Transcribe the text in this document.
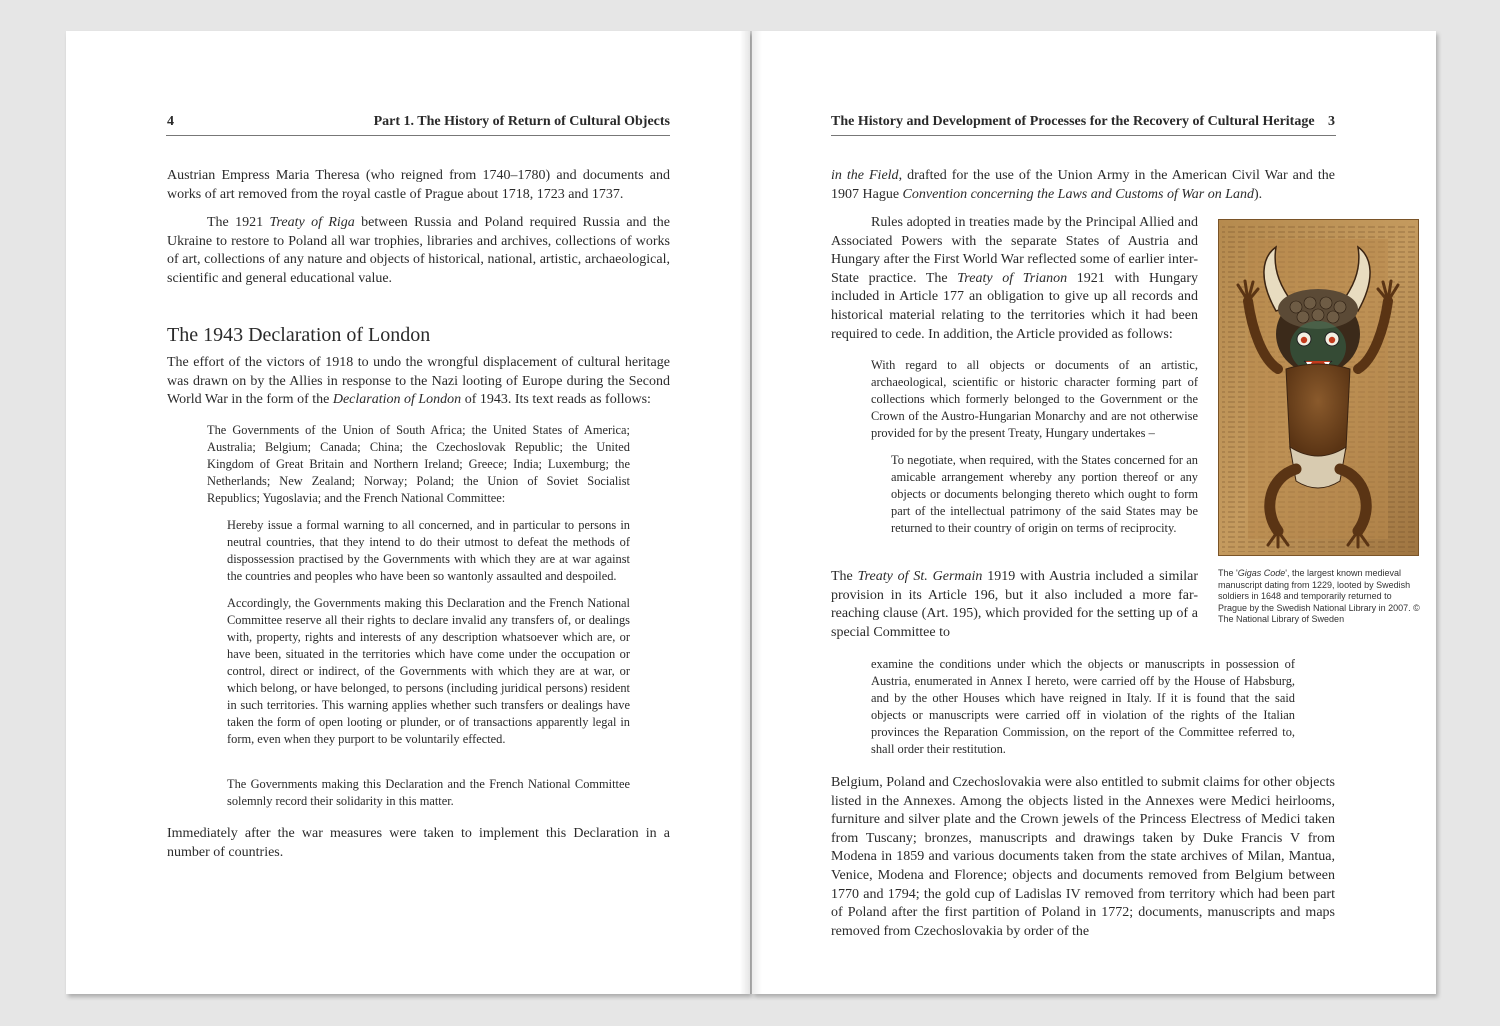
4	Part 1. The History of Return of Cultural Objects

Austrian Empress Maria Theresa (who reigned from 1740–1780) and documents and works of art removed from the royal castle of Prague about 1718, 1723 and 1737.

The 1921 Treaty of Riga between Russia and Poland required Russia and the Ukraine to restore to Poland all war trophies, libraries and archives, collections of works of art, collections of any nature and objects of historical, national, artistic, archaeological, scientific and general educational value.

The 1943 Declaration of London

The effort of the victors of 1918 to undo the wrongful displacement of cultural heritage was drawn on by the Allies in response to the Nazi looting of Europe during the Second World War in the form of the Declaration of London of 1943. Its text reads as follows:

The Governments of the Union of South Africa; the United States of America; Australia; Belgium; Canada; China; the Czechoslovak Republic; the United Kingdom of Great Britain and Northern Ireland; Greece; India; Luxemburg; the Netherlands; New Zealand; Norway; Poland; the Union of Soviet Socialist Republics; Yugoslavia; and the French National Committee:

Hereby issue a formal warning to all concerned, and in particular to persons in neutral countries, that they intend to do their utmost to defeat the methods of dispossession practised by the Governments with which they are at war against the countries and peoples who have been so wantonly assaulted and despoiled.

Accordingly, the Governments making this Declaration and the French National Committee reserve all their rights to declare invalid any transfers of, or dealings with, property, rights and interests of any description whatsoever which are, or have been, situated in the territories which have come under the occupation or control, direct or indirect, of the Governments with which they are at war, or which belong, or have belonged, to persons (including juridical persons) resident in such territories. This warning applies whether such transfers or dealings have taken the form of open looting or plunder, or of transactions apparently legal in form, even when they purport to be voluntarily effected.

The Governments making this Declaration and the French National Committee solemnly record their solidarity in this matter.

Immediately after the war measures were taken to implement this Declaration in a number of countries.

The History and Development of Processes for the Recovery of Cultural Heritage 3

in the Field, drafted for the use of the Union Army in the American Civil War and the 1907 Hague Convention concerning the Laws and Customs of War on Land).

Rules adopted in treaties made by the Principal Allied and Associated Powers with the separate States of Austria and Hungary after the First World War reflected some of earlier inter-State practice. The Treaty of Trianon 1921 with Hungary included in Article 177 an obligation to give up all records and historical material relating to the territories which it had been required to cede. In addition, the Article provided as follows:

With regard to all objects or documents of an artistic, archaeological, scientific or historic character forming part of collections which formerly belonged to the Government or the Crown of the Austro-Hungarian Monarchy and are not otherwise provided for by the present Treaty, Hungary undertakes –

To negotiate, when required, with the States concerned for an amicable arrangement whereby any portion thereof or any objects or documents belonging thereto which ought to form part of the intellectual patrimony of the said States may be returned to their country of origin on terms of reciprocity.

The Treaty of St. Germain 1919 with Austria included a similar provision in its Article 196, but it also included a more far-reaching clause (Art. 195), which provided for the setting up of a special Committee to

examine the conditions under which the objects or manuscripts in possession of Austria, enumerated in Annex I hereto, were carried off by the House of Habsburg, and by the other Houses which have reigned in Italy. If it is found that the said objects or manuscripts were carried off in violation of the rights of the Italian provinces the Reparation Commission, on the report of the Committee referred to, shall order their restitution.

Belgium, Poland and Czechoslovakia were also entitled to submit claims for other objects listed in the Annexes. Among the objects listed in the Annexes were Medici heirlooms, furniture and silver plate and the Crown jewels of the Princess Electress of Medici taken from Tuscany; bronzes, manuscripts and drawings taken by Duke Francis V from Modena in 1859 and various documents taken from the state archives of Milan, Mantua, Venice, Modena and Florence; objects and documents removed from Belgium between 1770 and 1794; the gold cup of Ladislas IV removed from territory which had been part of Poland after the first partition of Poland in 1772; documents, manuscripts and maps removed from Czechoslovakia by order of the

The 'Gigas Code', the largest known medieval manuscript dating from 1229, looted by Swedish soldiers in 1648 and temporarily returned to Prague by the Swedish National Library in 2007. © The National Library of Sweden
